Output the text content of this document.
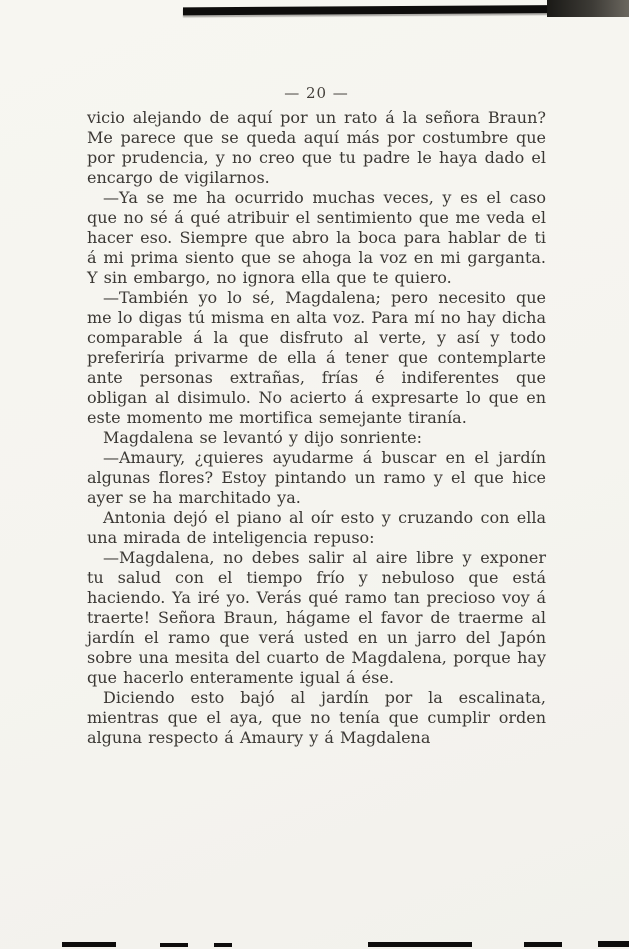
— 20 —

vicio alejando de aquí por un rato á la señora Braun? Me parece que se queda aquí más por costumbre que por prudencia, y no creo que tu padre le haya dado el encargo de vigilarnos.

—Ya se me ha ocurrido muchas veces, y es el caso que no sé á qué atribuir el sentimiento que me veda el hacer eso. Siempre que abro la boca para hablar de ti á mi prima siento que se ahoga la voz en mi garganta. Y sin embargo, no ignora ella que te quiero.

—También yo lo sé, Magdalena; pero necesito que me lo digas tú misma en alta voz. Para mí no hay dicha comparable á la que disfruto al verte, y así y todo preferiría privarme de ella á tener que contemplarte ante personas extrañas, frías é indiferentes que obligan al disimulo. No acierto á expresarte lo que en este momento me mortifica semejante tiranía.

Magdalena se levantó y dijo sonriente:

—Amaury, ¿quieres ayudarme á buscar en el jardín algunas flores? Estoy pintando un ramo y el que hice ayer se ha marchitado ya.

Antonia dejó el piano al oír esto y cruzando con ella una mirada de inteligencia repuso:

—Magdalena, no debes salir al aire libre y exponer tu salud con el tiempo frío y nebuloso que está haciendo. Ya iré yo. Verás qué ramo tan precioso voy á traerte! Señora Braun, hágame el favor de traerme al jardín el ramo que verá usted en un jarro del Japón sobre una mesita del cuarto de Magdalena, porque hay que hacerlo enteramente igual á ése.

Diciendo esto bajó al jardín por la escalinata, mientras que el aya, que no tenía que cumplir orden alguna respecto á Amaury y á Magdalena
